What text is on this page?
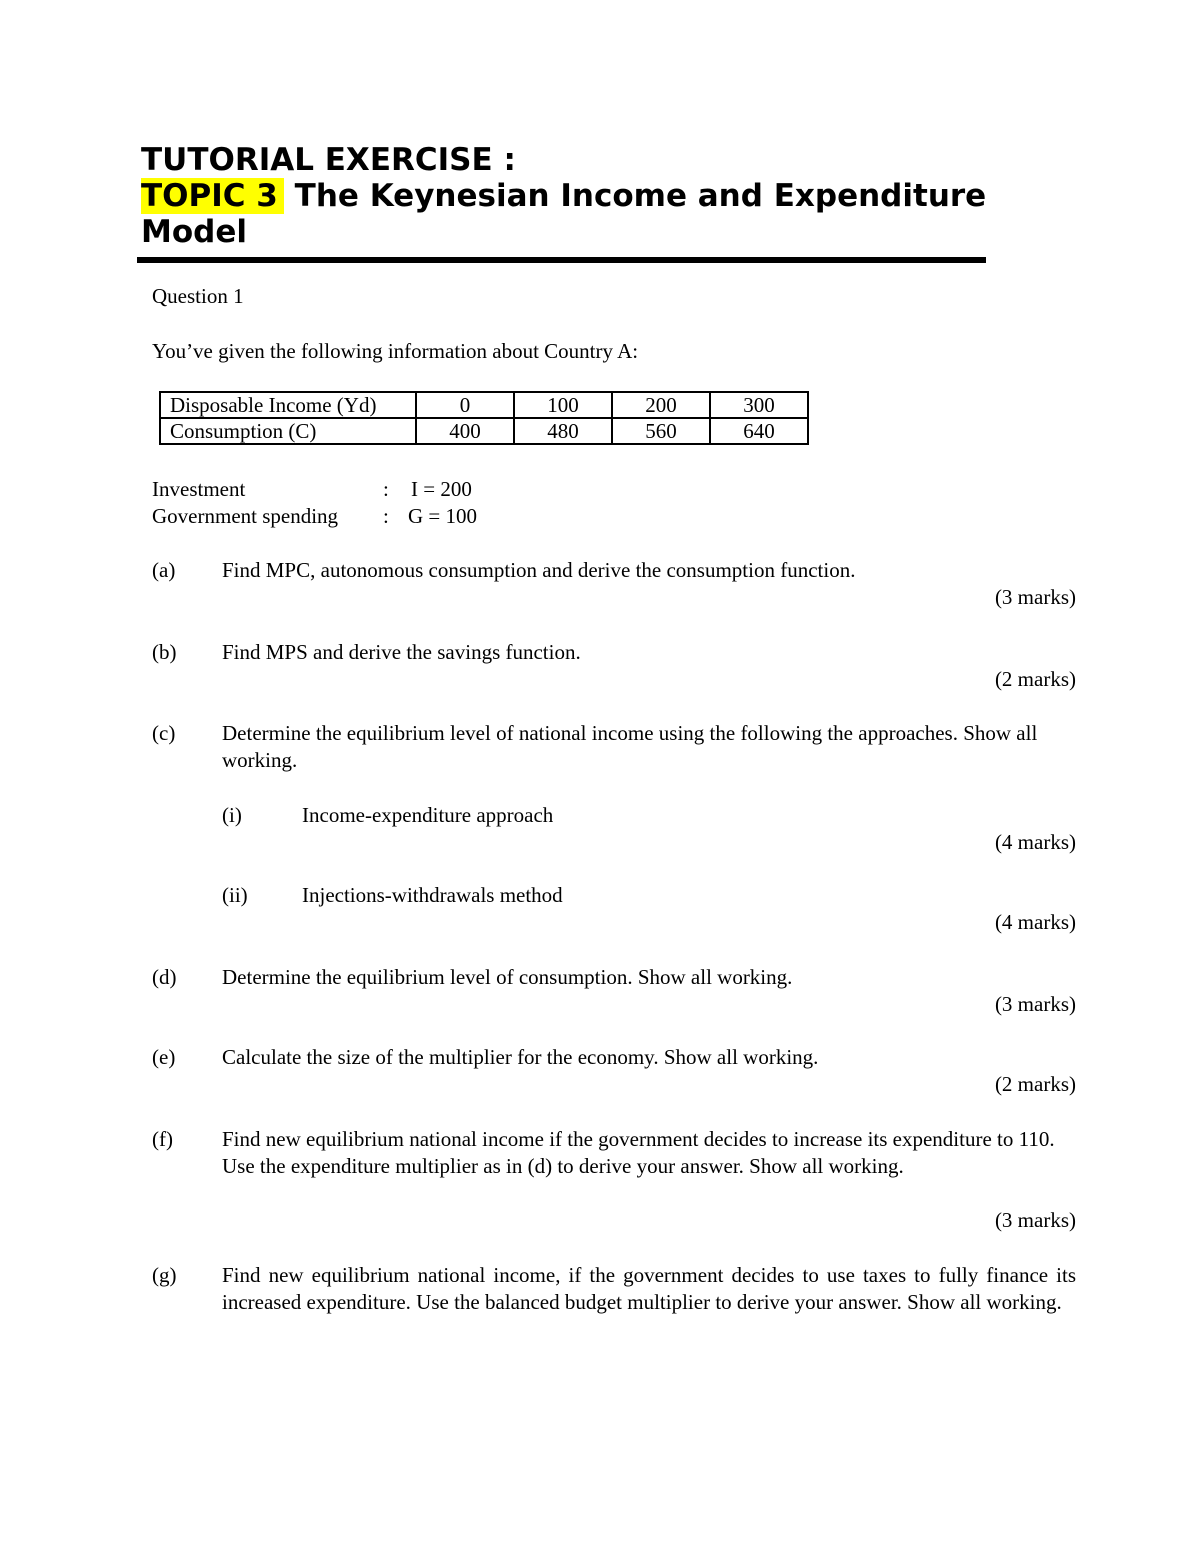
TUTORIAL EXERCISE :
TOPIC 3 The Keynesian Income and Expenditure
Model
Question 1
You’ve given the following information about Country A:
Disposable Income (Yd)	0	100	200	300
Consumption (C)	400	480	560	640
Investment	: I = 200
Government spending : G = 100
(a) Find MPC, autonomous consumption and derive the consumption function.
(3 marks)
(b) Find MPS and derive the savings function.
(2 marks)
(c) Determine the equilibrium level of national income using the following the approaches. Show all working.
(i)	Income-expenditure approach
(4 marks)
(ii)	Injections-withdrawals method
(4 marks)
(d) Determine the equilibrium level of consumption. Show all working.
(3 marks)
(e) Calculate the size of the multiplier for the economy. Show all working.
(2 marks)
(f) Find new equilibrium national income if the government decides to increase its expenditure to 110. Use the expenditure multiplier as in (d) to derive your answer. Show all working.
(3 marks)
(g) Find new equilibrium national income, if the government decides to use taxes to fully finance its increased expenditure. Use the balanced budget multiplier to derive your answer. Show all working.
